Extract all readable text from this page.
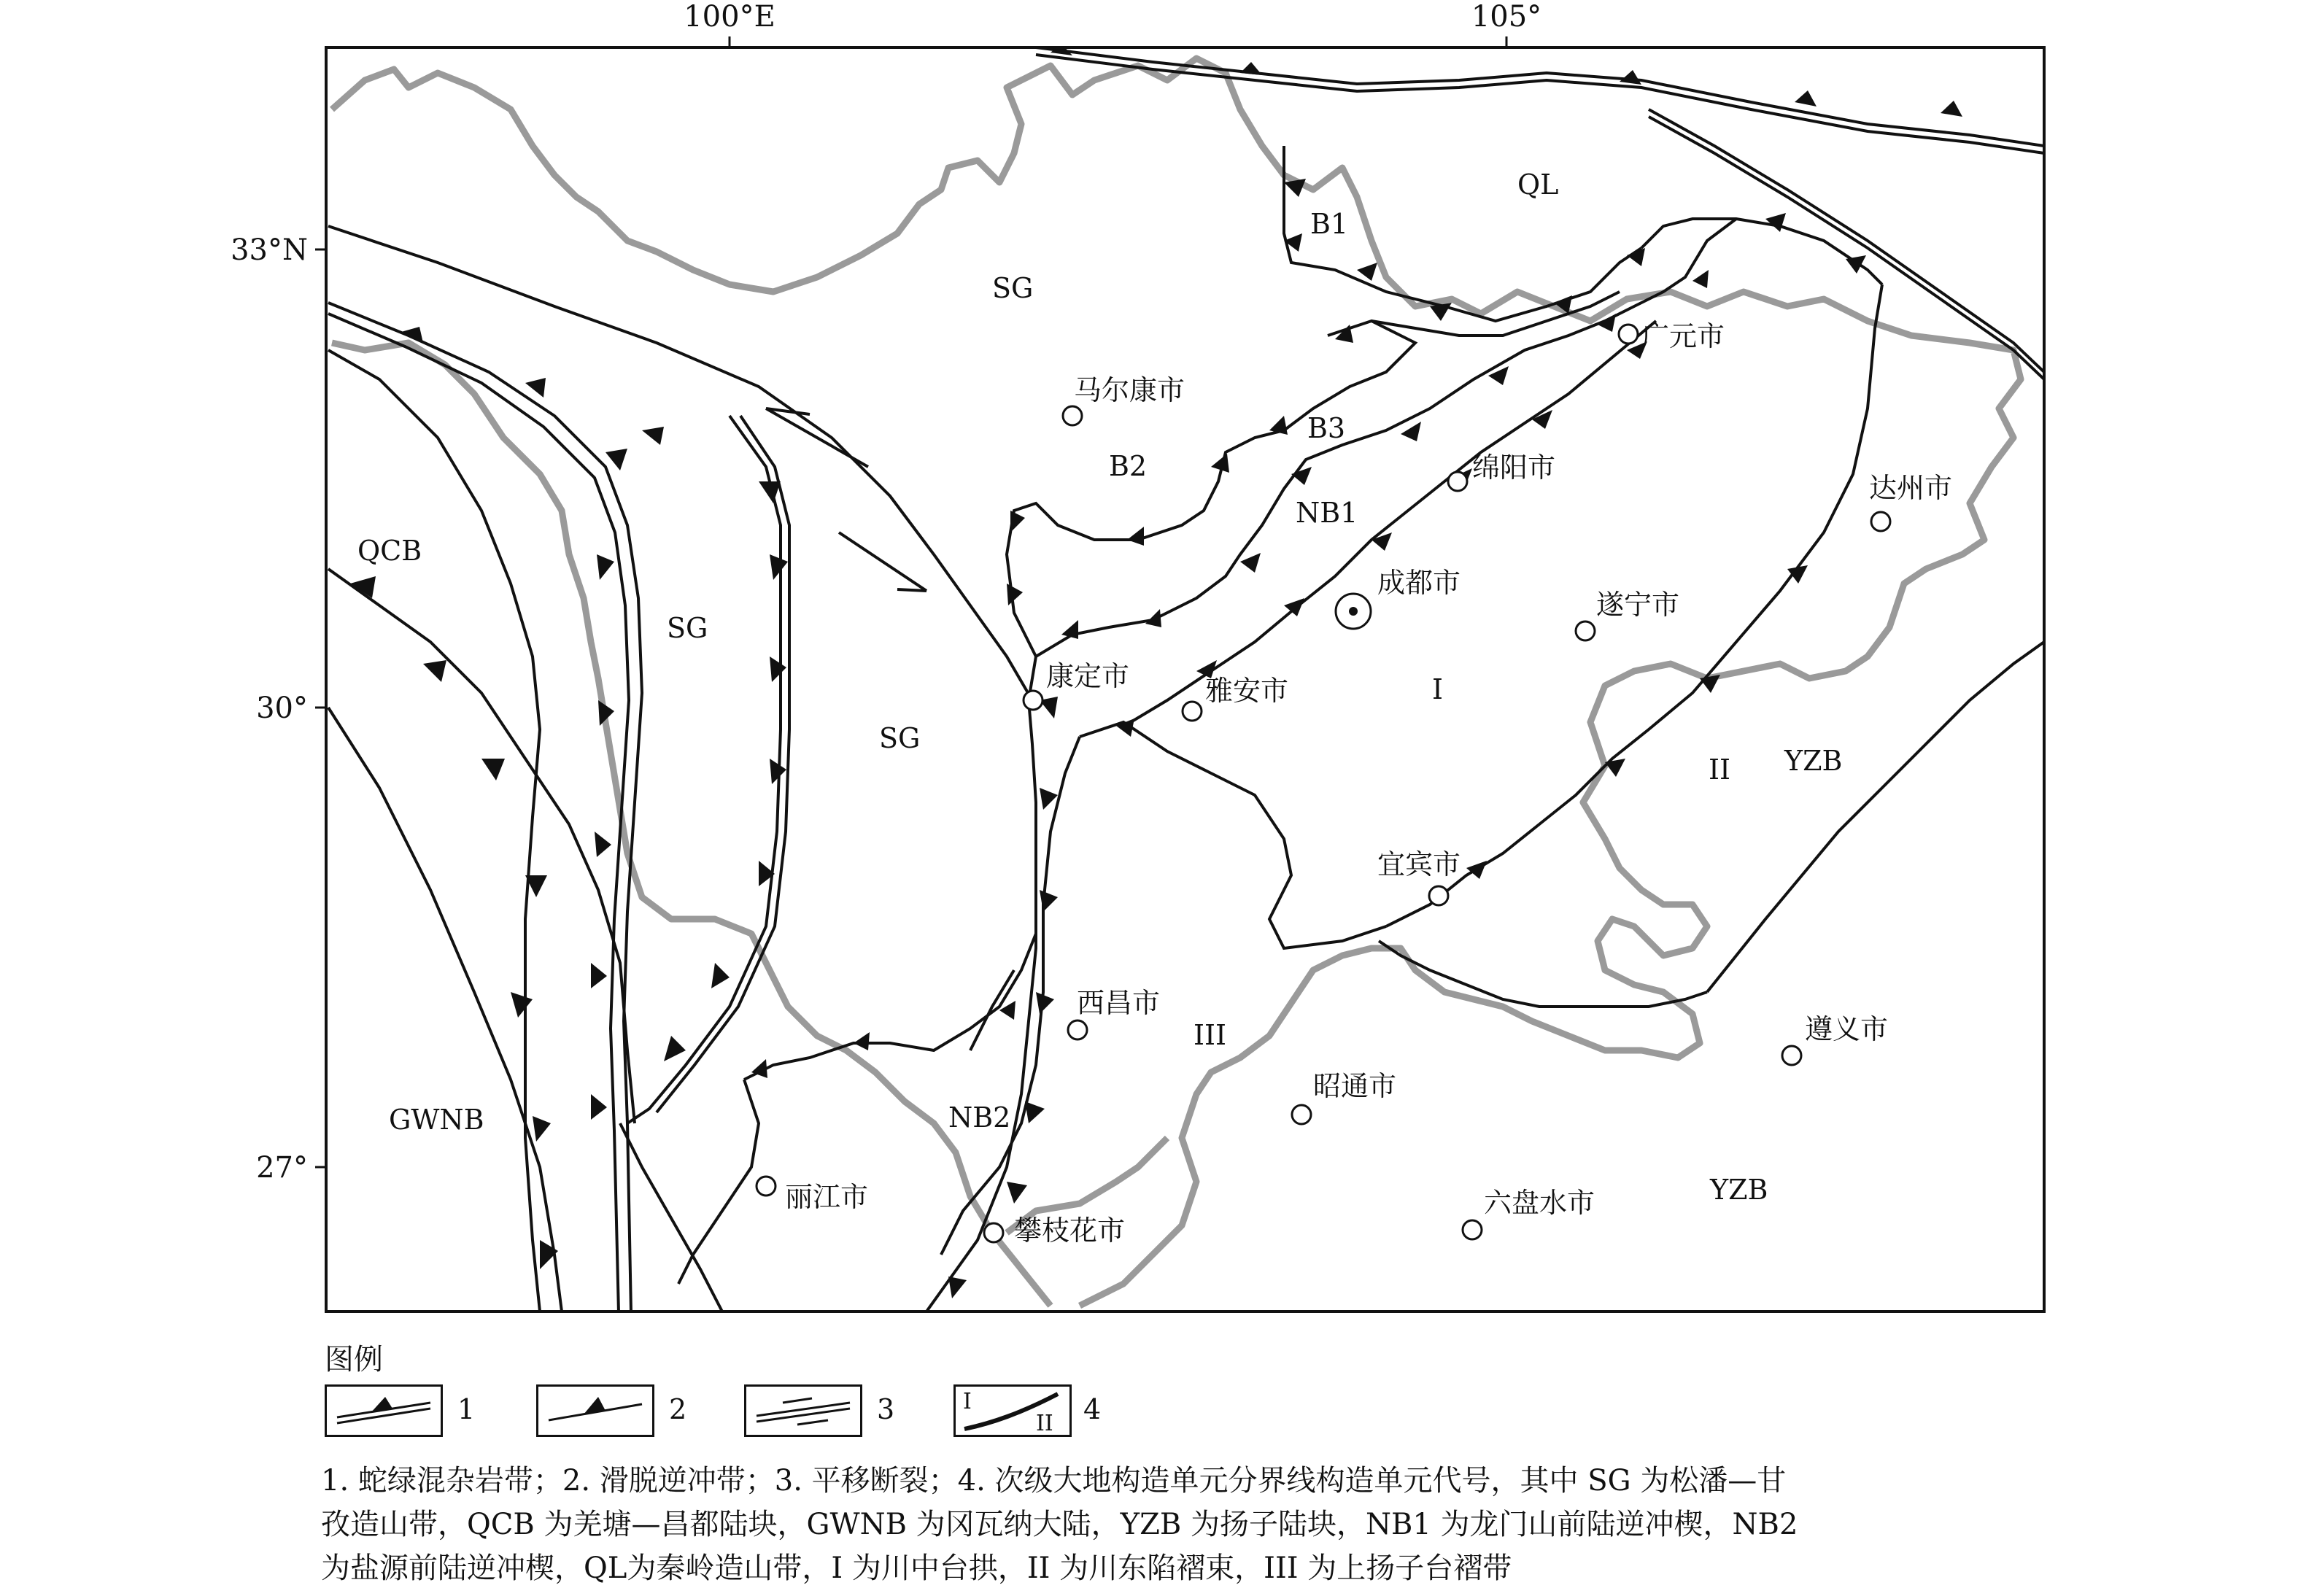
100°E	105°
33°N
30°
27°
SG
SG
SG
QL
B1
B2
B3
NB1
NB2
QCB
GWNB
I
II
III
YZB
YZB
马尔康市
广元市
绵阳市
达州市
成都市
遂宁市
康定市	雅安市
宜宾市
西昌市
昭通市
遵义市
丽江市
攀枝花市
六盘水市
图例
1	2	3	I
II 4

1. 蛇绿混杂岩带；2. 滑脱逆冲带；3. 平移断裂；4. 次级大地构造单元分界线构造单元代号，其中 SG 为松潘—甘

孜造山带，QCB 为羌塘—昌都陆块，GWNB 为冈瓦纳大陆，YZB 为扬子陆块，NB1 为龙门山前陆逆冲楔，NB2

为盐源前陆逆冲楔，QL为秦岭造山带，I 为川中台拱，II 为川东陷褶束，III 为上扬子台褶带
